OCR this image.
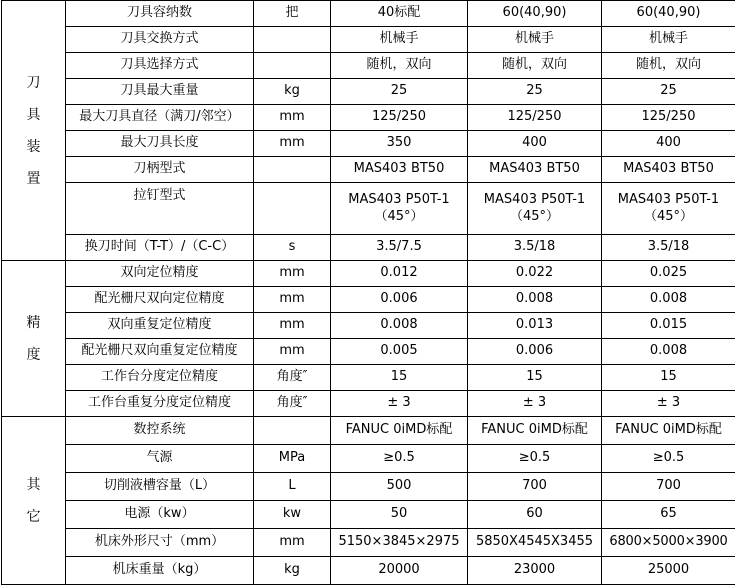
刀具装置	刀具容纳数	把	40标配	60(40,90)	60(40,90)
	刀具交换方式		机械手	机械手	机械手
	刀具选择方式		随机，双向	随机，双向	随机，双向
	刀具最大重量	kg	25	25	25
	最大刀具直径（满刀/邻空）	mm	125/250	125/250	125/250
	最大刀具长度	mm	350	400	400
	刀柄型式		MAS403 BT50	MAS403 BT50	MAS403 BT50
	拉钉型式		MAS403 P50T-1（45°）	MAS403 P50T-1（45°）	MAS403 P50T-1（45°）
	换刀时间（T-T）/（C-C）	s	3.5/7.5	3.5/18	3.5/18

精度	双向定位精度	mm	0.012	0.022	0.025
	配光栅尺双向定位精度	mm	0.006	0.008	0.008
	双向重复定位精度	mm	0.008	0.013	0.015
	配光栅尺双向重复定位精度	mm	0.005	0.006	0.008
	工作台分度定位精度	角度″	15	15	15
	工作台重复分度定位精度	角度″	± 3	± 3	± 3

其它	数控系统		FANUC 0iMD标配	FANUC 0iMD标配	FANUC 0iMD标配
	气源	MPa	≥0.5	≥0.5	≥0.5
	切削液槽容量（L）	L	500	700	700
	电源（kw）	kw	50	60	65
	机床外形尺寸（mm）	mm	5150×3845×2975	5850X4545X3455	6800×5000×3900
	机床重量（kg）	kg	20000	23000	25000
